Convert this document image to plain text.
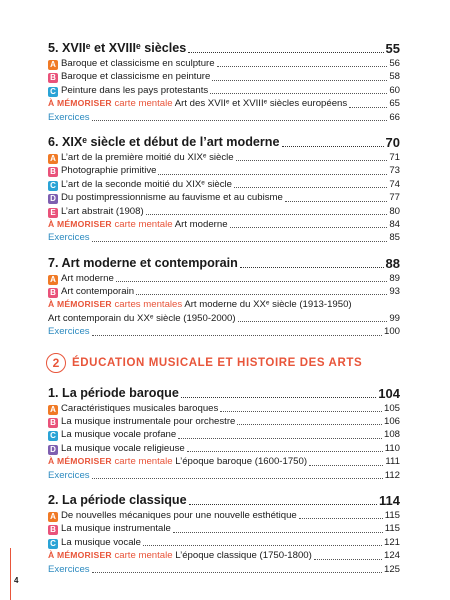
5. XVIIᵉ et XVIIIᵉ siècles	55
A Baroque et classicisme en sculpture	56
B Baroque et classicisme en peinture	58
C Peinture dans les pays protestants	60
À MÉMORISER carte mentale Art des XVIIᵉ et XVIIIᵉ siècles européens	65
Exercices	66
6. XIXᵉ siècle et début de l’art moderne	70
A L’art de la première moitié du XIXᵉ siècle	71
B Photographie primitive	73
C L’art de la seconde moitié du XIXᵉ siècle	74
D Du postimpressionnisme au fauvisme et au cubisme	77
E L’art abstrait (1908)	80
À MÉMORISER carte mentale Art moderne	84
Exercices	85
7. Art moderne et contemporain	88
A Art moderne	89
B Art contemporain	93
À MÉMORISER cartes mentales Art moderne du XXᵉ siècle (1913-1950)
Art contemporain du XXᵉ siècle (1950-2000)	99
Exercices	100
2	ÉDUCATION MUSICALE ET HISTOIRE DES ARTS
1. La période baroque	104
A Caractéristiques musicales baroques	105
B La musique instrumentale pour orchestre	106
C La musique vocale profane	108
D La musique vocale religieuse	110
À MÉMORISER carte mentale L’époque baroque (1600-1750)	111
Exercices	112
2. La période classique	114
A De nouvelles mécaniques pour une nouvelle esthétique	115
B La musique instrumentale	115
C La musique vocale	121
À MÉMORISER carte mentale L’époque classique (1750-1800)	124
Exercices	125
4
